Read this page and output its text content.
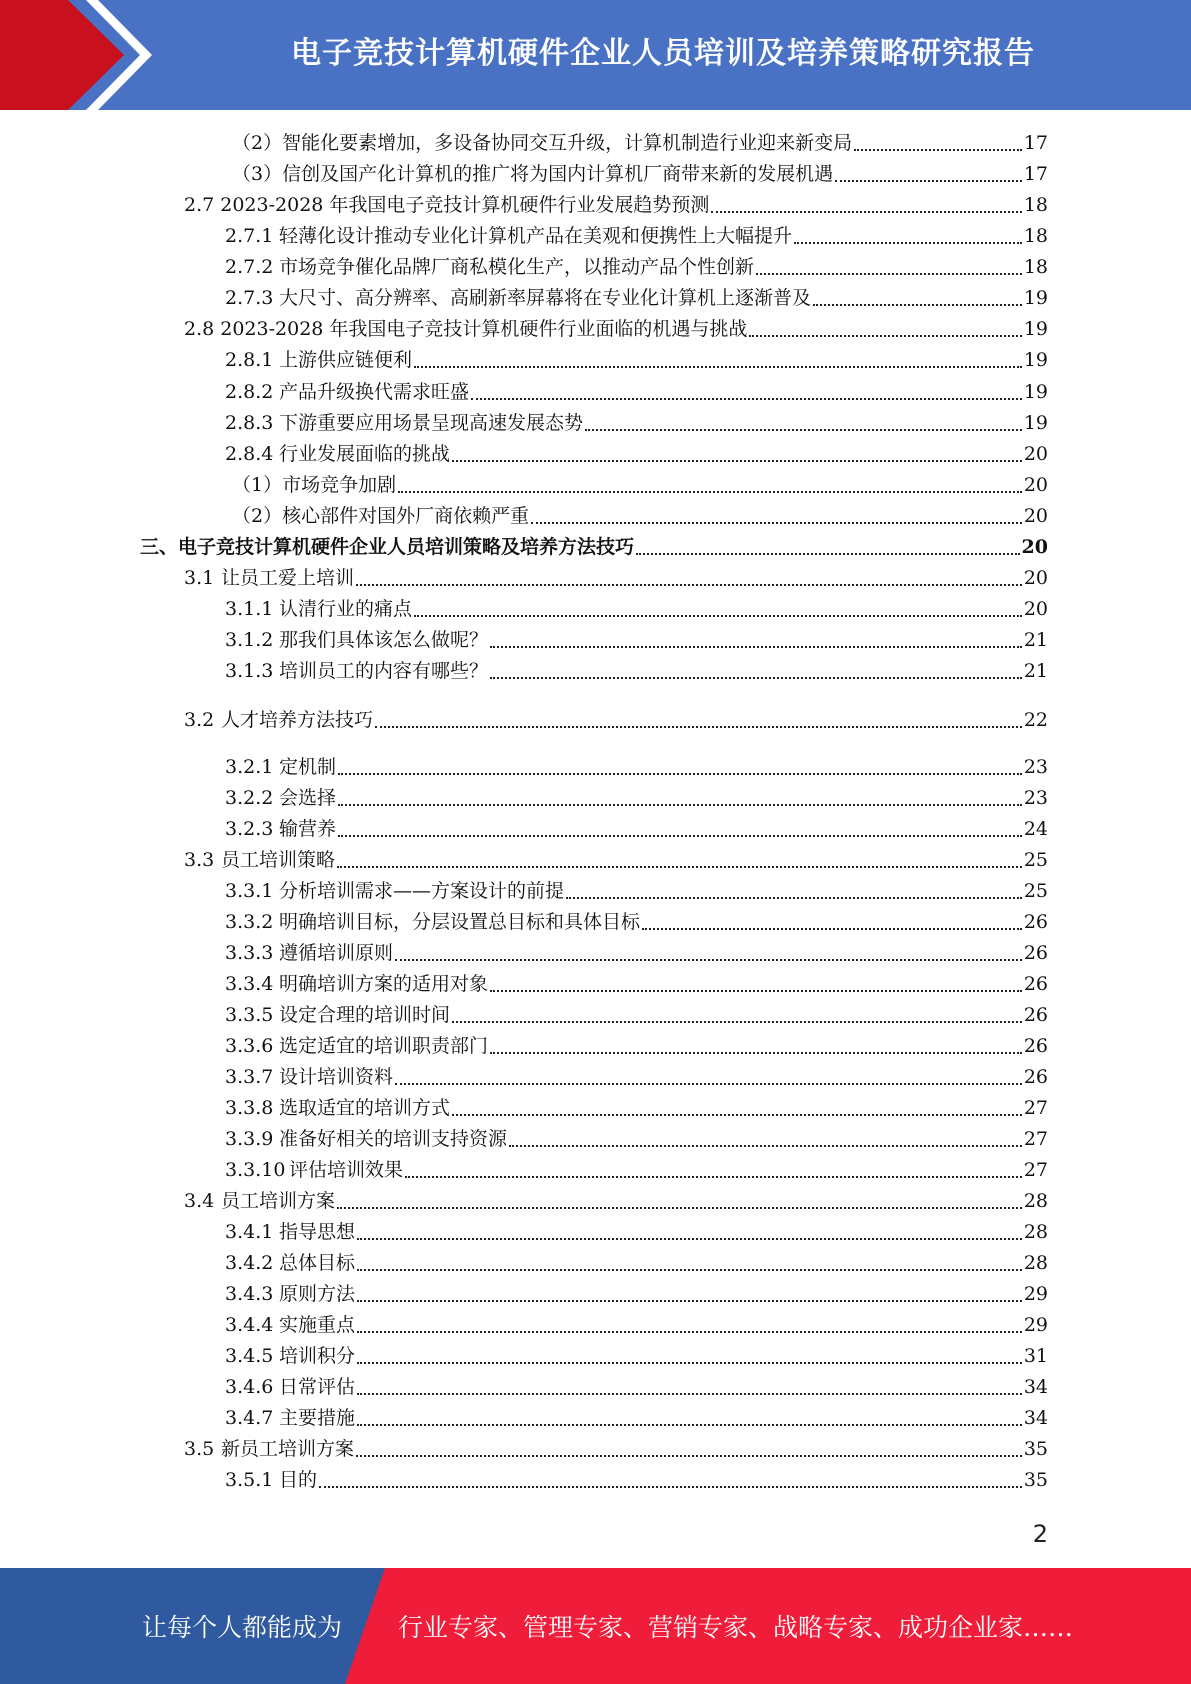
电子竞技计算机硬件企业人员培训及培养策略研究报告
（2）智能化要素增加，多设备协同交互升级，计算机制造行业迎来新变局	17
（3）信创及国产化计算机的推广将为国内计算机厂商带来新的发展机遇	17
2.7 2023-2028 年我国电子竞技计算机硬件行业发展趋势预测	18
2.7.1 轻薄化设计推动专业化计算机产品在美观和便携性上大幅提升	18
2.7.2 市场竞争催化品牌厂商私模化生产，以推动产品个性创新	18
2.7.3 大尺寸、高分辨率、高刷新率屏幕将在专业化计算机上逐渐普及	19
2.8 2023-2028 年我国电子竞技计算机硬件行业面临的机遇与挑战	19
2.8.1 上游供应链便利	19
2.8.2 产品升级换代需求旺盛	19
2.8.3 下游重要应用场景呈现高速发展态势	19
2.8.4 行业发展面临的挑战	20
（1）市场竞争加剧	20
（2）核心部件对国外厂商依赖严重	20
三、电子竞技计算机硬件企业人员培训策略及培养方法技巧	20
3.1 让员工爱上培训	20
3.1.1 认清行业的痛点	20
3.1.2 那我们具体该怎么做呢？	21
3.1.3 培训员工的内容有哪些？	21
3.2 人才培养方法技巧	22
3.2.1 定机制	23
3.2.2 会选择	23
3.2.3 输营养	24
3.3 员工培训策略	25
3.3.1 分析培训需求——方案设计的前提	25
3.3.2 明确培训目标，分层设置总目标和具体目标	26
3.3.3 遵循培训原则	26
3.3.4 明确培训方案的适用对象	26
3.3.5 设定合理的培训时间	26
3.3.6 选定适宜的培训职责部门	26
3.3.7 设计培训资料	26
3.3.8 选取适宜的培训方式	27
3.3.9 准备好相关的培训支持资源	27
3.3.10 评估培训效果	27
3.4 员工培训方案	28
3.4.1 指导思想	28
3.4.2 总体目标	28
3.4.3 原则方法	29
3.4.4 实施重点	29
3.4.5 培训积分	31
3.4.6 日常评估	34
3.4.7 主要措施	34
3.5 新员工培训方案	35
3.5.1 目的	35
2
让每个人都能成为 行业专家、管理专家、营销专家、战略专家、成功企业家……
